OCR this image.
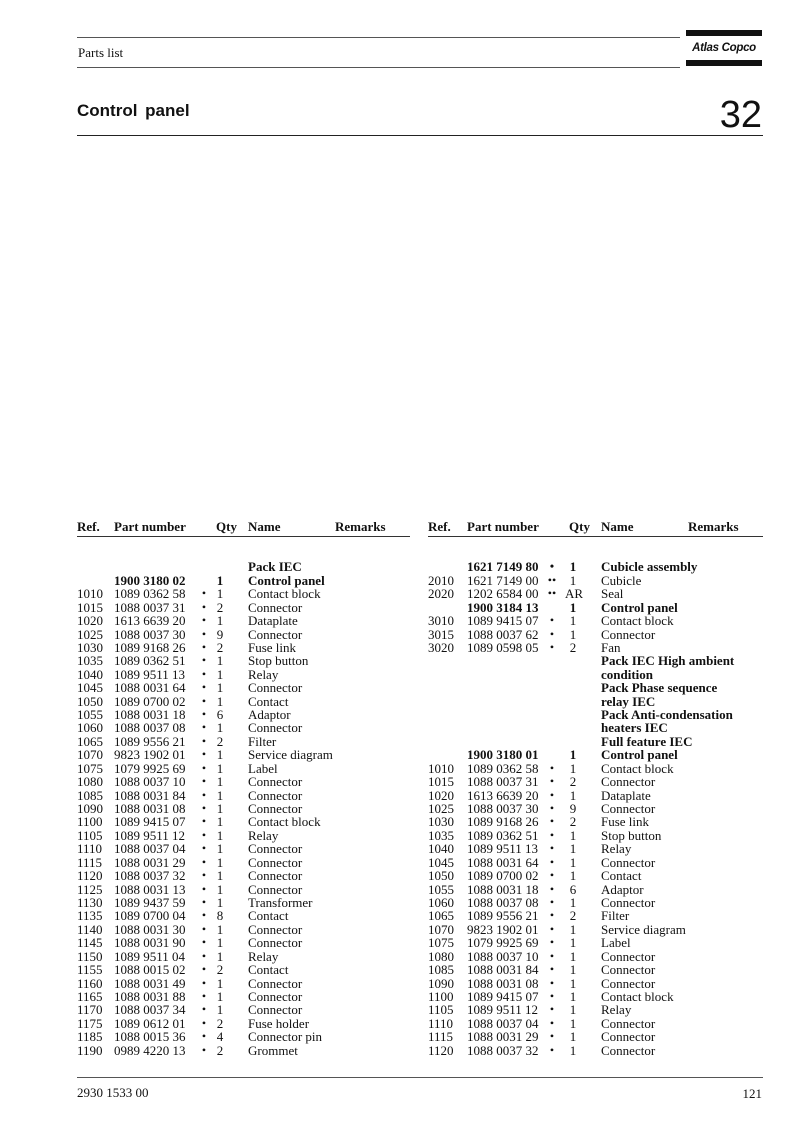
Parts list	Atlas Copco
Control panel	32
Ref. Part number Qty Name	Remarks
Pack IEC
1900 3180 02 1 Control panel
1010 1089 0362 58	• 1 Contact block
1015 1088 0037 31	• 2 Connector
1020 1613 6639 20	• 1 Dataplate
1025 1088 0037 30	• 9 Connector
1030 1089 9168 26	• 2 Fuse link
1035 1089 0362 51	• 1 Stop button
1040 1089 9511 13	• 1 Relay
1045 1088 0031 64	• 1 Connector
1050 1089 0700 02	• 1 Contact
1055 1088 0031 18	• 6 Adaptor
1060 1088 0037 08	• 1 Connector
1065 1089 9556 21	• 2 Filter
1070 9823 1902 01	• 1 Service diagram
1075 1079 9925 69	• 1 Label
1080 1088 0037 10	• 1 Connector
1085 1088 0031 84	• 1 Connector
1090 1088 0031 08	• 1 Connector
1100 1089 9415 07	• 1 Contact block
1105 1089 9511 12	• 1 Relay
1110 1088 0037 04	• 1 Connector
1115 1088 0031 29	• 1 Connector
1120 1088 0037 32	• 1 Connector
1125 1088 0031 13	• 1 Connector
1130 1089 9437 59	• 1 Transformer
1135 1089 0700 04	• 8 Contact
1140 1088 0031 30	• 1 Connector
1145 1088 0031 90	• 1 Connector
1150 1089 9511 04	• 1 Relay
1155 1088 0015 02	• 2 Contact
1160 1088 0031 49	• 1 Connector
1165 1088 0031 88	• 1 Connector
1170 1088 0037 34	• 1 Connector
1175 1089 0612 01	• 2 Fuse holder
1185 1088 0015 36	• 4 Connector pin
1190 0989 4220 13	• 2 Grommet
Ref. Part number Qty Name	Remarks
1621 7149 80 •	1	Cubicle assembly
2010 1621 7149 00 ••	1	Cubicle
2020 1202 6584 00 •• AR Seal
1900 3184 13	1	Control panel
3010 1089 9415 07 •	1	Contact block
3015 1088 0037 62 •	1	Connector
3020 1089 0598 05 •	2	Fan
Pack IEC High ambient
condition
Pack Phase sequence
relay IEC
Pack Anti-condensation
heaters IEC
Full feature IEC
1900 3180 01	1	Control panel
1010 1089 0362 58 •	1	Contact block
1015 1088 0037 31 •	2	Connector
1020 1613 6639 20 •	1	Dataplate
1025 1088 0037 30 •	9	Connector
1030 1089 9168 26 •	2	Fuse link
1035 1089 0362 51 •	1	Stop button
1040 1089 9511 13 •	1	Relay
1045 1088 0031 64 •	1	Connector
1050 1089 0700 02 •	1	Contact
1055 1088 0031 18 •	6	Adaptor
1060 1088 0037 08 •	1	Connector
1065 1089 9556 21 •	2	Filter
1070 9823 1902 01 •	1	Service diagram
1075 1079 9925 69 •	1	Label
1080 1088 0037 10 •	1	Connector
1085 1088 0031 84 •	1	Connector
1090 1088 0031 08 •	1	Connector
1100 1089 9415 07 •	1	Contact block
1105 1089 9511 12 •	1	Relay
1110 1088 0037 04 •	1	Connector
1115 1088 0031 29 •	1	Connector
1120 1088 0037 32 •	1	Connector
2930 1533 00	121
